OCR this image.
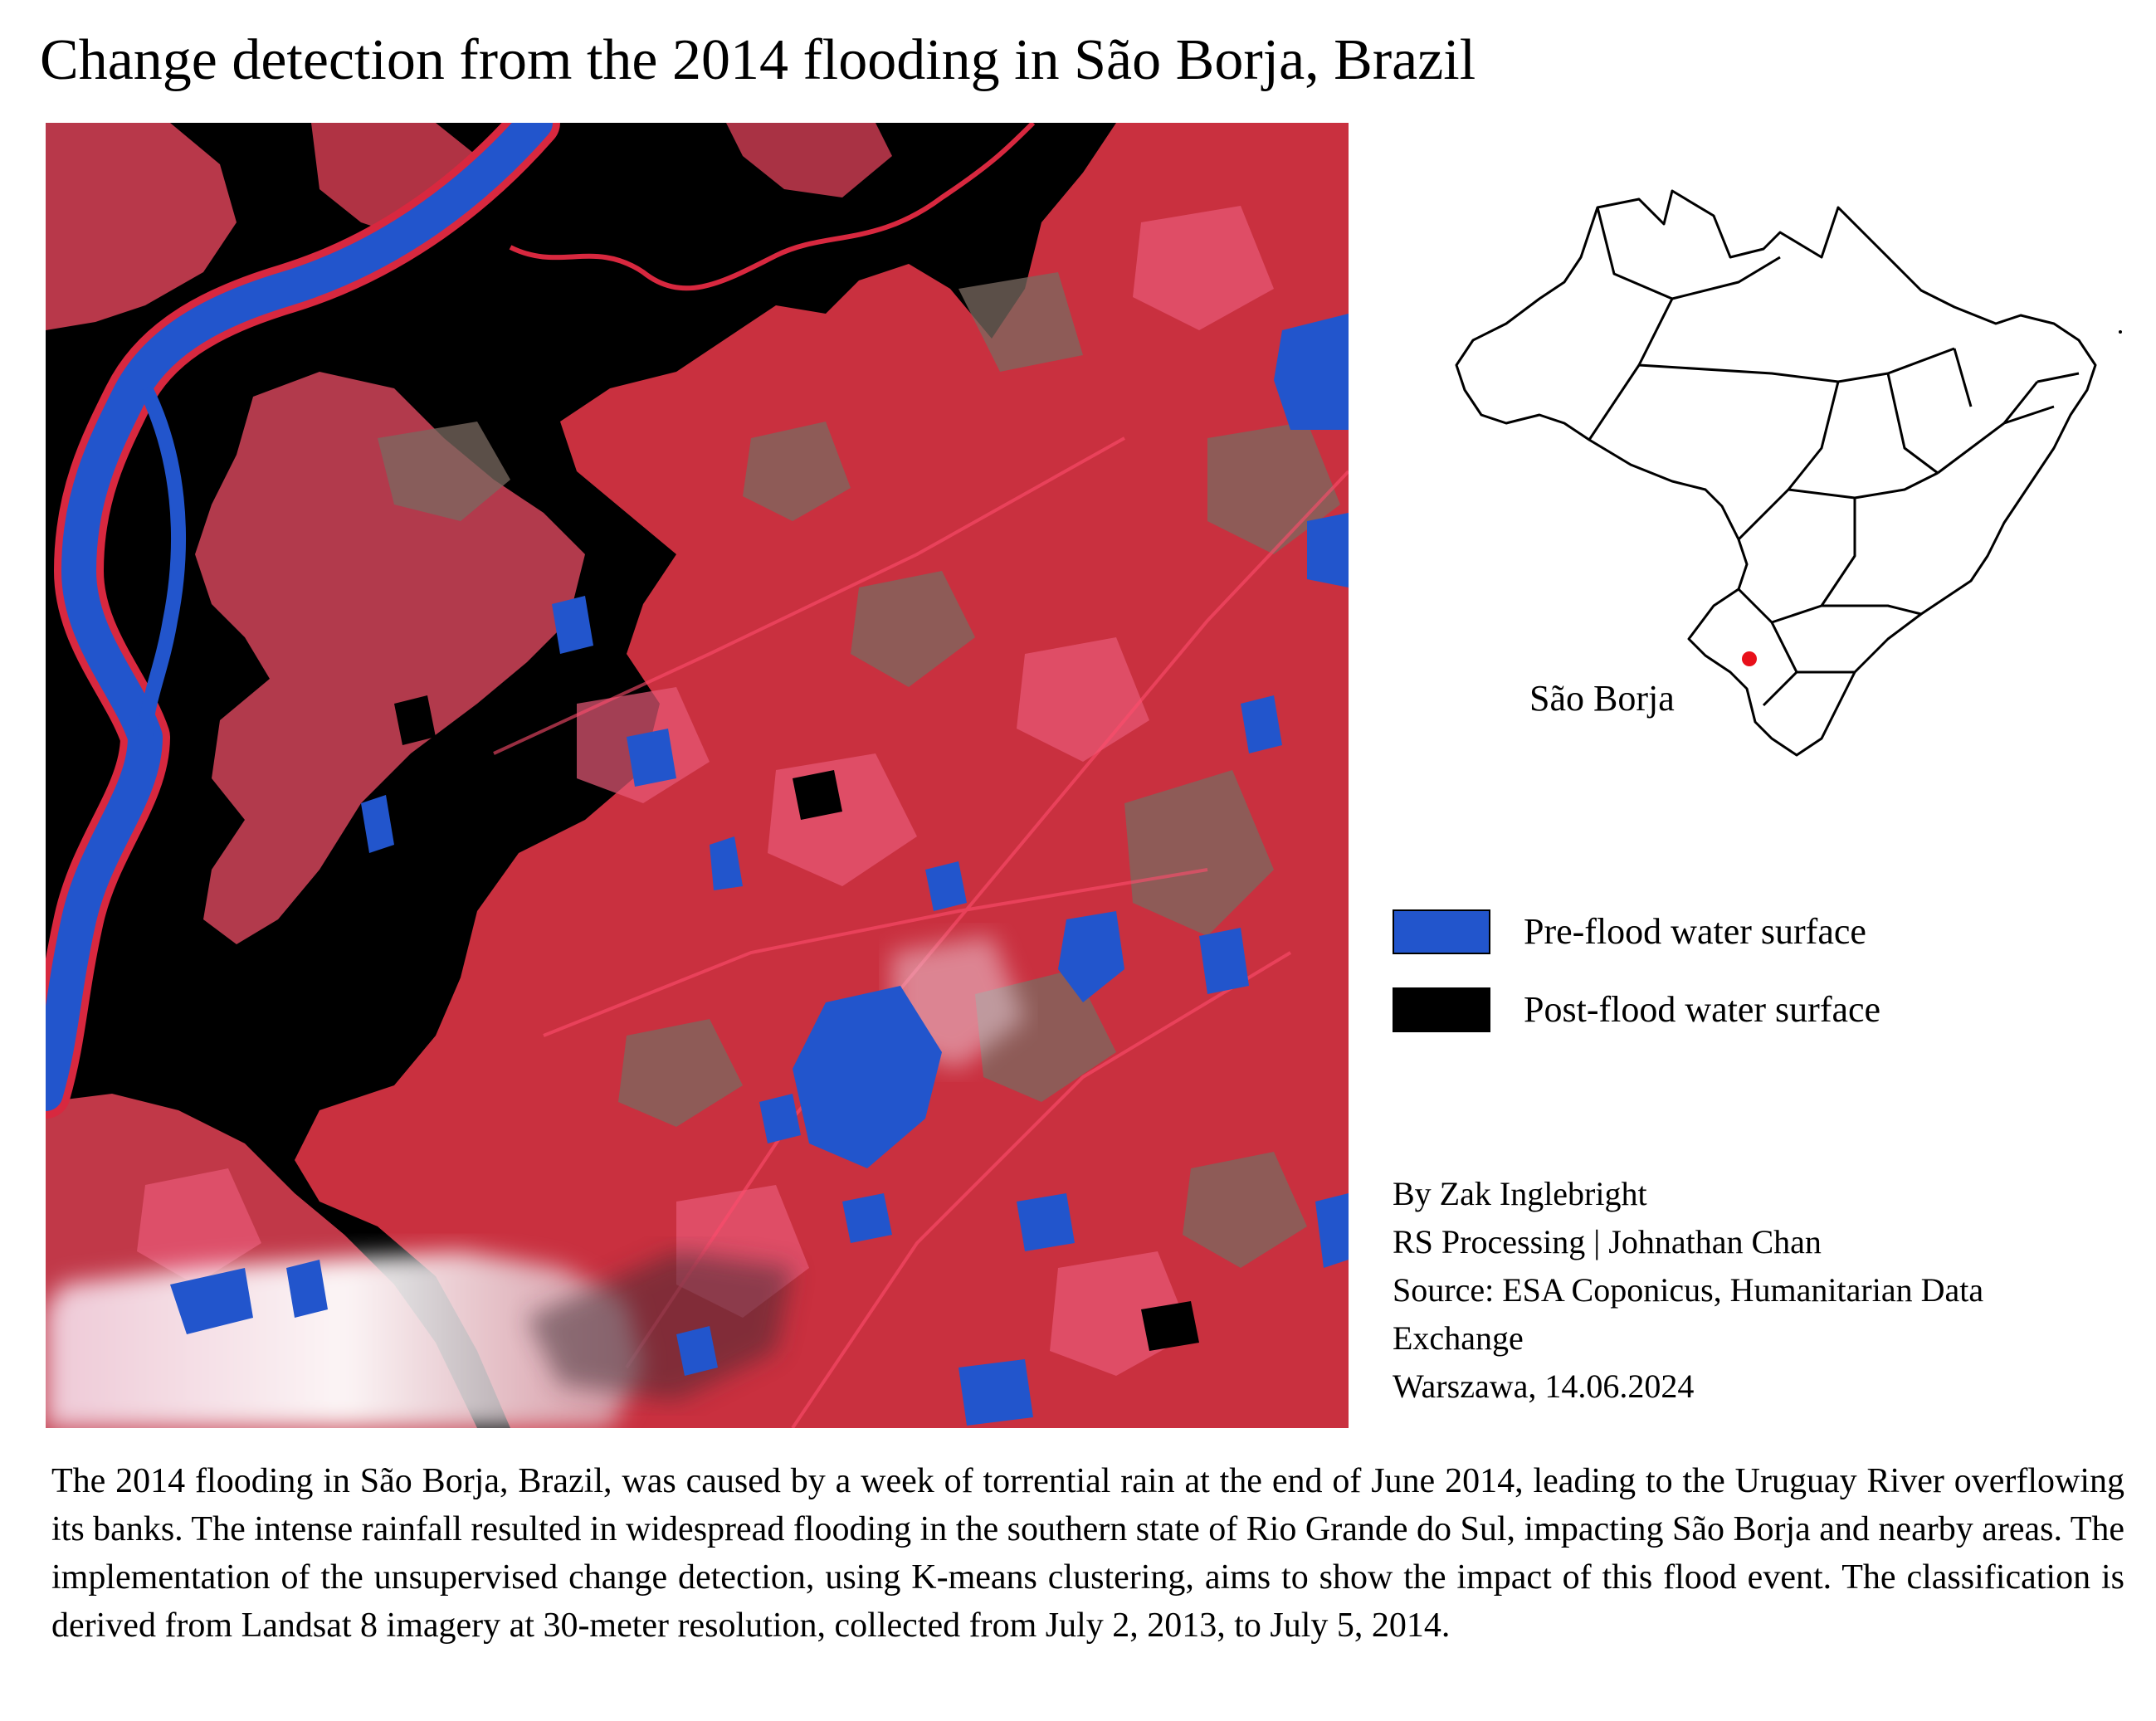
Change detection from the 2014 flooding in São Borja, Brazil
São Borja
Pre-flood water surface
Post-flood water surface
By Zak Inglebright
RS Processing | Johnathan Chan
Source: ESA Coponicus, Humanitarian Data
Exchange
Warszawa, 14.06.2024
The 2014 flooding in São Borja, Brazil, was caused by a week of torrential rain at the end of June 2014, leading to the Uruguay River overflowing its banks. The intense rainfall resulted in widespread flooding in the southern state of Rio Grande do Sul, impacting São Borja and nearby areas. The implementation of the unsupervised change detection, using K-means clustering, aims to show the impact of this flood event. The classification is derived from Landsat 8 imagery at 30-meter resolution, collected from July 2, 2013, to July 5, 2014.
